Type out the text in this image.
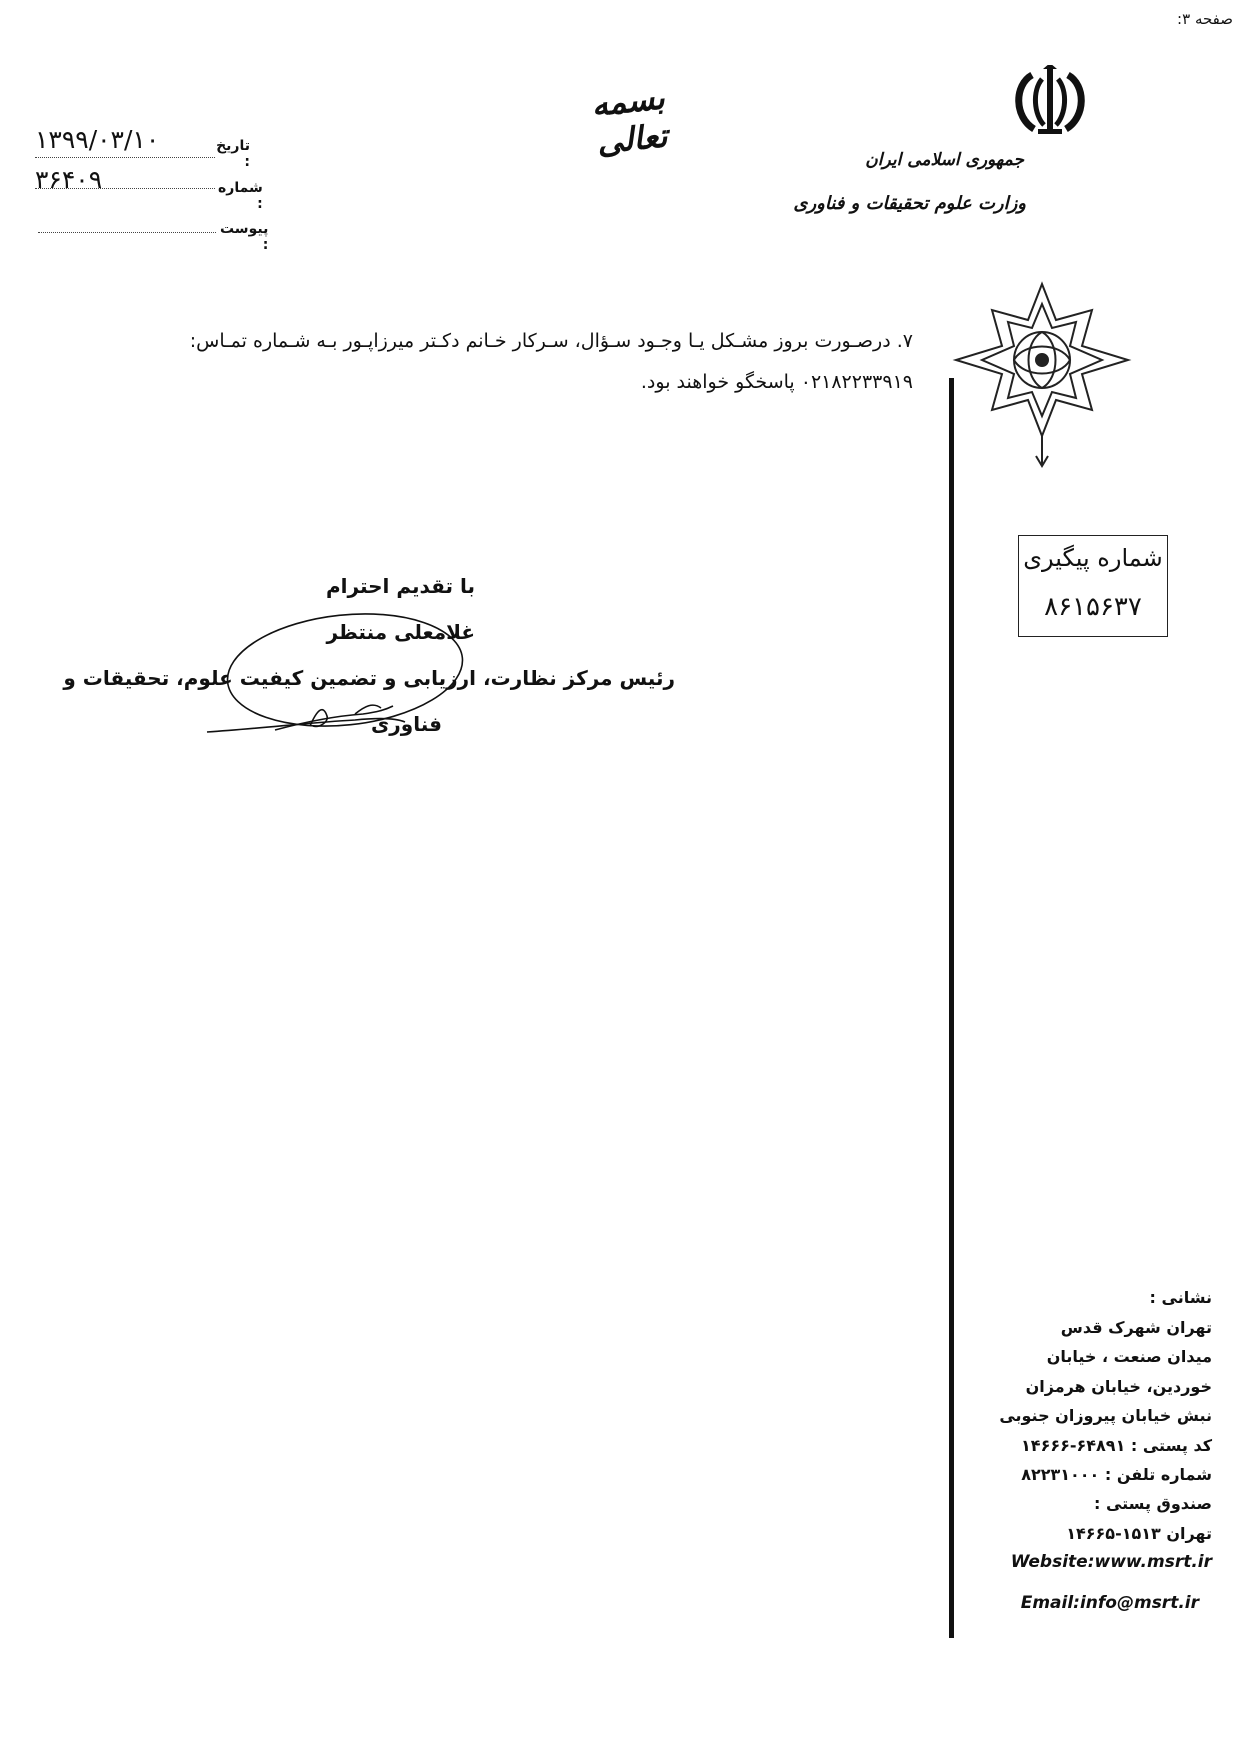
صفحه ۳:
بسمه تعالی
۱۳۹۹/۰۳/۱۰	تاریخ :
۳۶۴۰۹	شماره :
پیوست :
جمهوری اسلامی ایران
وزارت علوم تحقیقات و فناوری
۷. درصـورت بروز مشـکل یـا وجـود سـؤال، سـرکار خـانم دکـتر میرزاپـور بـه شـماره تمـاس:
۰۲۱۸۲۲۳۳۹۱۹ پاسخگو خواهند بود.
شماره پیگیری
۸۶۱۵۶۳۷
با تقدیم احترام
غلامعلی منتظر
رئیس مرکز نظارت، ارزیابی و تضمین کیفیت علوم، تحقیقات و
فناوری
نشانی :
تهران شهرک قدس
میدان صنعت ، خیابان
خوردین، خیابان هرمزان
نبش خیابان پیروزان جنوبی
کد پستی : ۶۴۸۹۱-۱۴۶۶۶
شماره تلفن : ۸۲۲۳۱۰۰۰
صندوق پستی :
تهران ۱۵۱۳-۱۴۶۶۵
Website:www.msrt.ir
Email:info@msrt.ir
